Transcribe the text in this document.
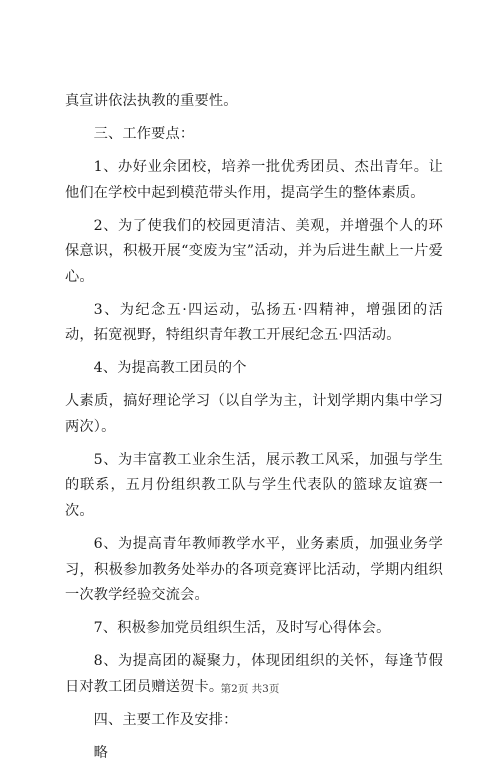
真宣讲依法执教的重要性。

三、工作要点：

1、办好业余团校，培养一批优秀团员、杰出青年。让他们在学校中起到模范带头作用，提高学生的整体素质。

2、为了使我们的校园更清洁、美观，并增强个人的环保意识，积极开展“变废为宝”活动，并为后进生献上一片爱心。

3、为纪念五·四运动，弘扬五·四精神，增强团的活动，拓宽视野，特组织青年教工开展纪念五·四活动。

4、为提高教工团员的个

人素质，搞好理论学习（以自学为主，计划学期内集中学习两次）。

5、为丰富教工业余生活，展示教工风采，加强与学生的联系，五月份组织教工队与学生代表队的篮球友谊赛一次。

6、为提高青年教师教学水平，业务素质，加强业务学习，积极参加教务处举办的各项竞赛评比活动，学期内组织一次教学经验交流会。

7、积极参加党员组织生活，及时写心得体会。

8、为提高团的凝聚力，体现团组织的关怀，每逢节假日对教工团员赠送贺卡。

四、主要工作及安排：

略

第2页 共3页
